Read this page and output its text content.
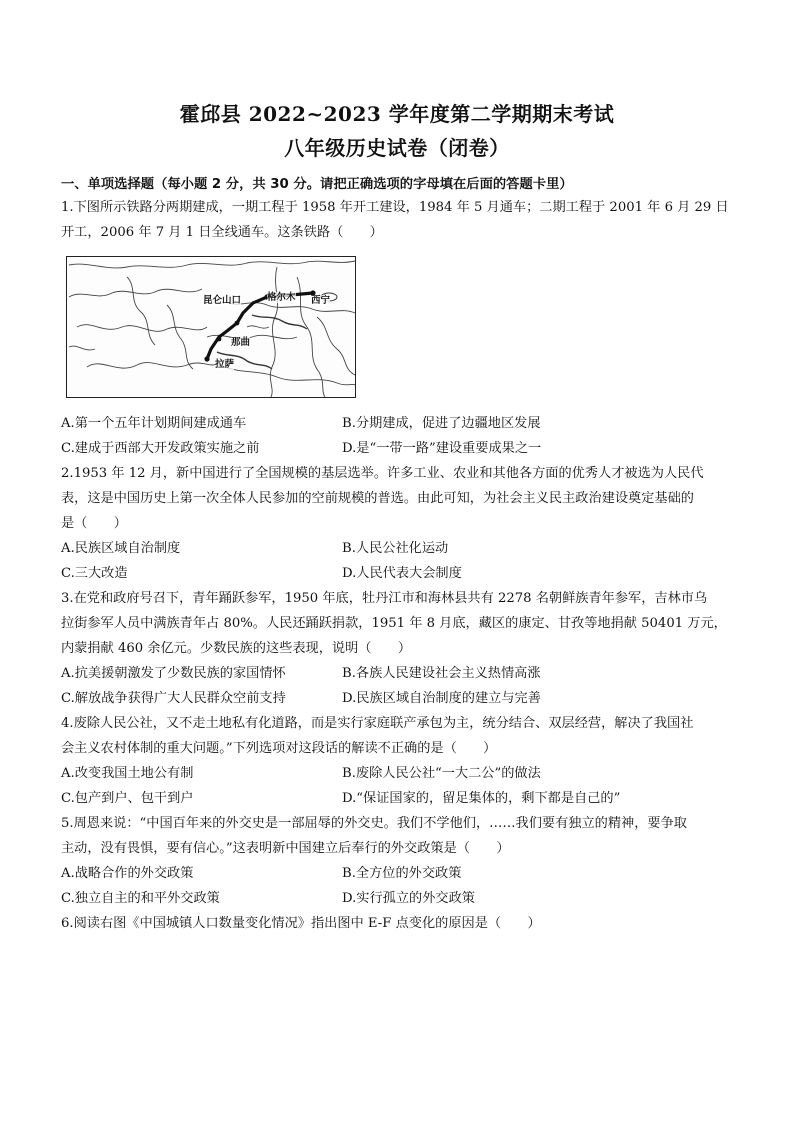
霍邱县 2022~2023 学年度第二学期期末考试
八年级历史试卷（闭卷）
一、单项选择题（每小题 2 分，共 30 分。请把正确选项的字母填在后面的答题卡里）
1.下图所示铁路分两期建成，一期工程于 1958 年开工建设，1984 年 5 月通车；二期工程于 2001 年 6 月 29 日
开工，2006 年 7 月 1 日全线通车。这条铁路（　　）
昆仑山口	格尔木 西宁
那曲
拉萨
A.第一个五年计划期间建成通车	B.分期建成，促进了边疆地区发展
C.建成于西部大开发政策实施之前	D.是“一带一路”建设重要成果之一
2.1953 年 12 月，新中国进行了全国规模的基层选举。许多工业、农业和其他各方面的优秀人才被选为人民代
表，这是中国历史上第一次全体人民参加的空前规模的普选。由此可知，为社会主义民主政治建设奠定基础的
是（　　）
A.民族区域自治制度	B.人民公社化运动
C.三大改造	D.人民代表大会制度
3.在党和政府号召下，青年踊跃参军，1950 年底，牡丹江市和海林县共有 2278 名朝鲜族青年参军，吉林市乌
拉街参军人员中满族青年占 80%。人民还踊跃捐款，1951 年 8 月底，藏区的康定、甘孜等地捐献 50401 万元，
内蒙捐献 460 余亿元。少数民族的这些表现，说明（　　）
A.抗美援朝激发了少数民族的家国情怀	B.各族人民建设社会主义热情高涨
C.解放战争获得广大人民群众空前支持	D.民族区域自治制度的建立与完善
4.废除人民公社，又不走土地私有化道路，而是实行家庭联产承包为主，统分结合、双层经营，解决了我国社
会主义农村体制的重大问题。”下列选项对这段话的解读不正确的是（　　）
A.改变我国土地公有制	B.废除人民公社“一大二公”的做法
C.包产到户、包干到户	D.“保证国家的，留足集体的，剩下都是自己的”
5.周恩来说：“中国百年来的外交史是一部屈辱的外交史。我们不学他们，……我们要有独立的精神，要争取
主动，没有畏惧，要有信心。”这表明新中国建立后奉行的外交政策是（　　）
A.战略合作的外交政策	B.全方位的外交政策
C.独立自主的和平外交政策	D.实行孤立的外交政策
6.阅读右图《中国城镇人口数量变化情况》指出图中 E-F 点变化的原因是（　　）
